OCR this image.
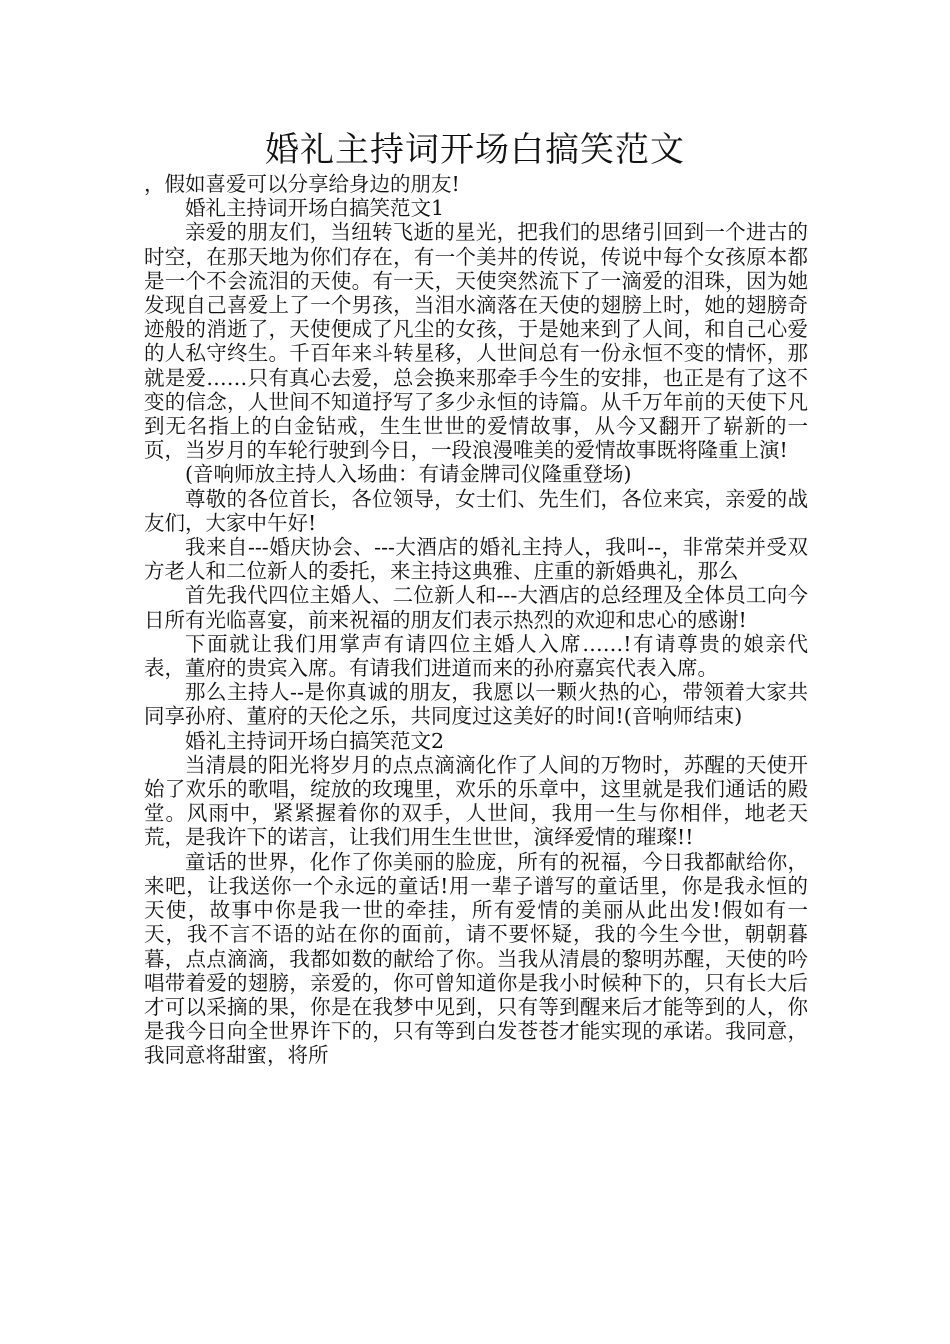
婚礼主持词开场白搞笑范文

，假如喜爱可以分享给身边的朋友!

婚礼主持词开场白搞笑范文1

亲爱的朋友们，当纽转飞逝的星光，把我们的思绪引回到一个进古的时空，在那天地为你们存在，有一个美丼的传说，传说中每个女孩原本都是一个不会流泪的天使。有一天，天使突然流下了一滴爱的泪珠，因为她发现自己喜爱上了一个男孩，当泪水滴落在天使的翅膀上时，她的翅膀奇迹般的消逝了，天使便成了凡尘的女孩，于是她来到了人间，和自己心爱的人私守终生。千百年来斗转星移，人世间总有一份永恒不变的情怀，那就是爱……只有真心去爱，总会换来那牵手今生的安排，也正是有了这不变的信念，人世间不知道抒写了多少永恒的诗篇。从千万年前的天使下凡到无名指上的白金钻戒，生生世世的爱情故事，从今又翻开了崭新的一页，当岁月的车轮行驶到今日，一段浪漫唯美的爱情故事既将隆重上演!

(音响师放主持人入场曲：有请金牌司仪隆重登场)

尊敬的各位首长，各位领导，女士们、先生们，各位来宾，亲爱的战友们，大家中午好!

我来自---婚庆协会、---大酒店的婚礼主持人，我叫--，非常荣并受双方老人和二位新人的委托，来主持这典雅、庄重的新婚典礼，那么

首先我代四位主婚人、二位新人和---大酒店的总经理及全体员工向今日所有光临喜宴，前来祝福的朋友们表示热烈的欢迎和忠心的感谢!

下面就让我们用掌声有请四位主婚人入席……!有请尊贵的娘亲代表，董府的贵宾入席。有请我们进道而来的孙府嘉宾代表入席。

那么主持人--是你真诚的朋友，我愿以一颗火热的心，带领着大家共同享孙府、董府的天伦之乐，共同度过这美好的时间!(音响师结束)

婚礼主持词开场白搞笑范文2

当清晨的阳光将岁月的点点滴滴化作了人间的万物时，苏醒的天使开始了欢乐的歌唱，绽放的玫瑰里，欢乐的乐章中，这里就是我们通话的殿堂。风雨中，紧紧握着你的双手，人世间，我用一生与你相伴，地老天荒，是我许下的诺言，让我们用生生世世，演绎爱情的璀璨!!

童话的世界，化作了你美丽的脸庞，所有的祝福，今日我都献给你，来吧，让我送你一个永远的童话!用一辈子谱写的童话里，你是我永恒的天使，故事中你是我一世的牵挂，所有爱情的美丽从此出发!假如有一天，我不言不语的站在你的面前，请不要怀疑，我的今生今世，朝朝暮暮，点点滴滴，我都如数的献给了你。当我从清晨的黎明苏醒，天使的吟唱带着爱的翅膀，亲爱的，你可曾知道你是我小时候种下的，只有长大后才可以采摘的果，你是在我梦中见到，只有等到醒来后才能等到的人，你是我今日向全世界许下的，只有等到白发苍苍才能实现的承诺。我同意，我同意将甜蜜，将所
